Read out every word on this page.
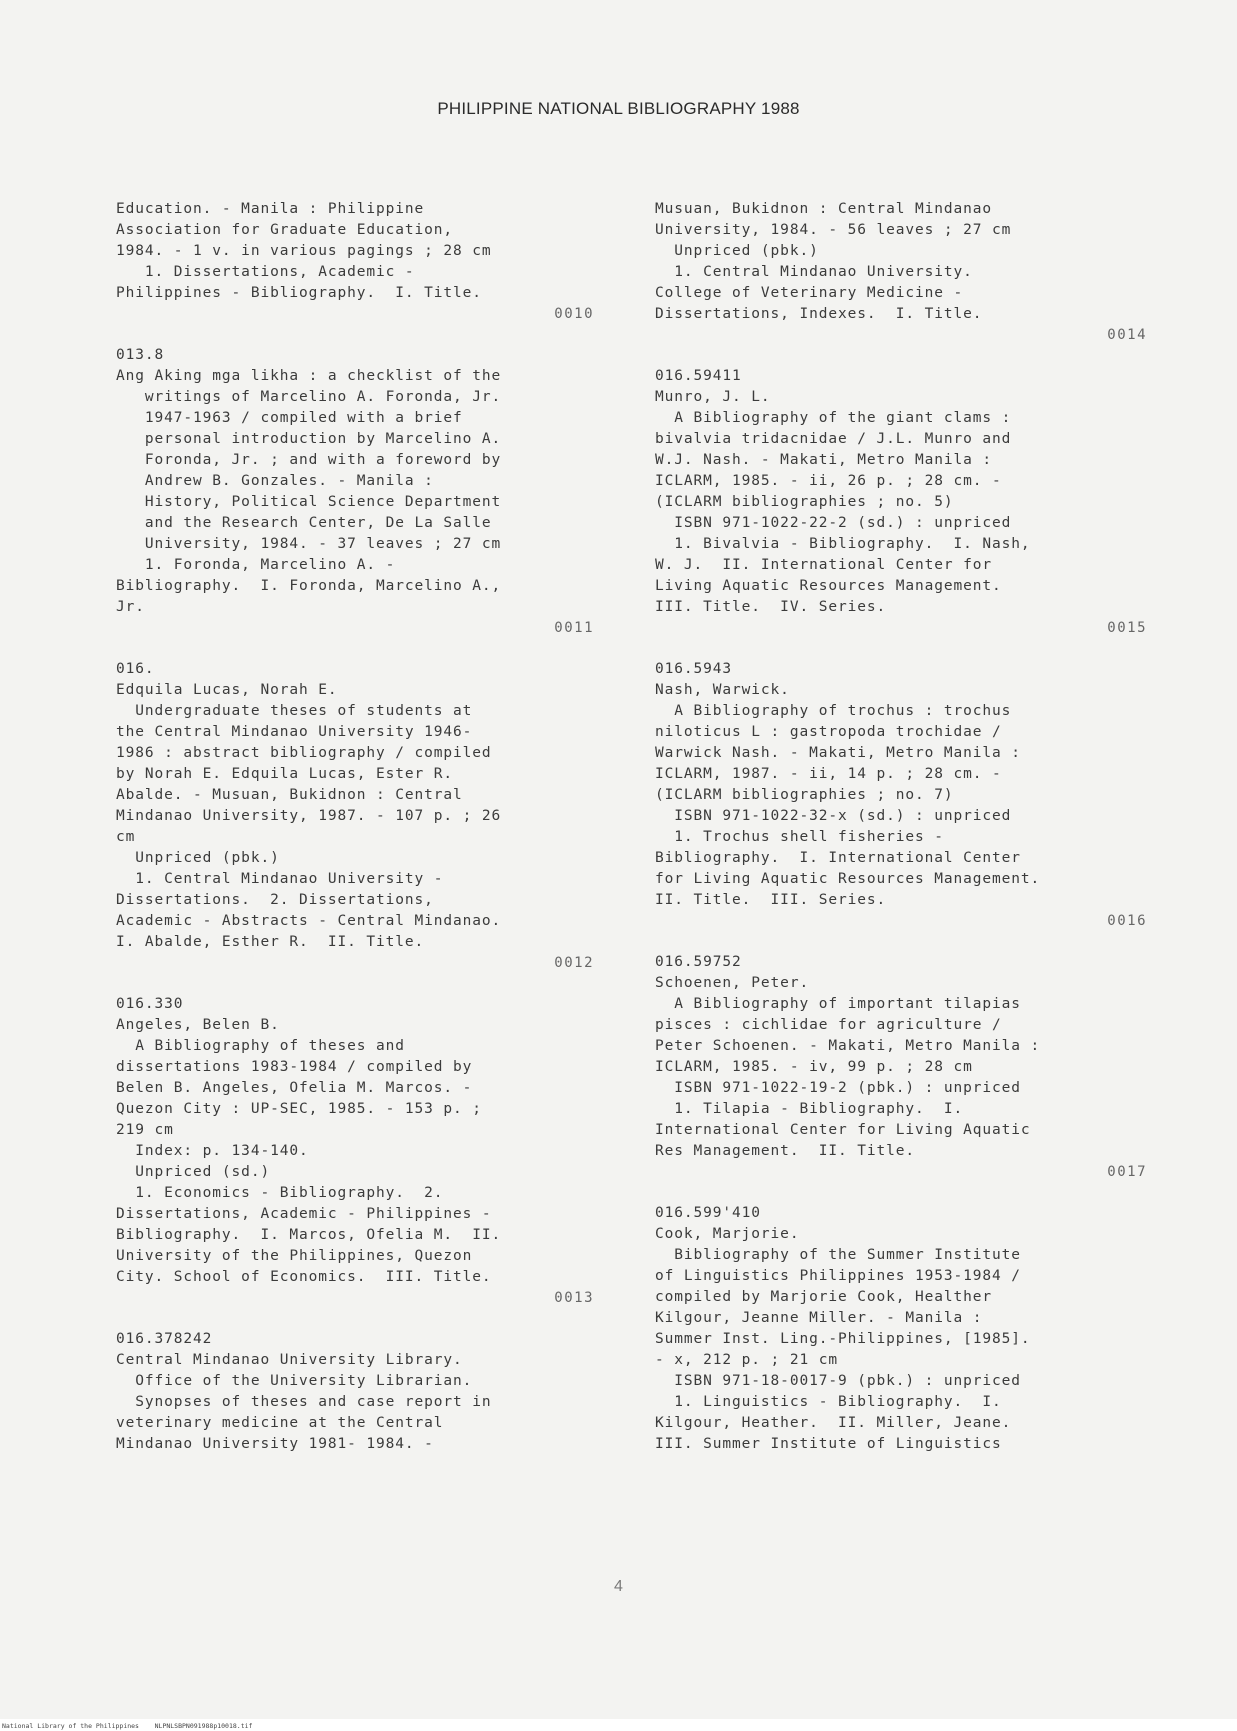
PHILIPPINE NATIONAL BIBLIOGRAPHY 1988
Education. - Manila : Philippine
Association for Graduate Education,
1984. - 1 v. in various pagings ; 28 cm
1. Dissertations, Academic -
Philippines - Bibliography.  I. Title.
0010
013.8
Ang Aking mga likha : a checklist of the
writings of Marcelino A. Foronda, Jr.
1947-1963 / compiled with a brief
personal introduction by Marcelino A.
Foronda, Jr. ; and with a foreword by
Andrew B. Gonzales. - Manila :
History, Political Science Department
and the Research Center, De La Salle
University, 1984. - 37 leaves ; 27 cm
1. Foronda, Marcelino A. -
Bibliography.  I. Foronda, Marcelino A.,
Jr.
0011
016.
Edquila Lucas, Norah E.
Undergraduate theses of students at
the Central Mindanao University 1946-
1986 : abstract bibliography / compiled
by Norah E. Edquila Lucas, Ester R.
Abalde. - Musuan, Bukidnon : Central
Mindanao University, 1987. - 107 p. ; 26
cm
Unpriced (pbk.)
1. Central Mindanao University -
Dissertations.  2. Dissertations,
Academic - Abstracts - Central Mindanao.
I. Abalde, Esther R.  II. Title.
0012
016.330
Angeles, Belen B.
A Bibliography of theses and
dissertations 1983-1984 / compiled by
Belen B. Angeles, Ofelia M. Marcos. -
Quezon City : UP-SEC, 1985. - 153 p. ;
219 cm
Index: p. 134-140.
Unpriced (sd.)
1. Economics - Bibliography.  2.
Dissertations, Academic - Philippines -
Bibliography.  I. Marcos, Ofelia M.  II.
University of the Philippines, Quezon
City. School of Economics.  III. Title.
0013
016.378242
Central Mindanao University Library.
Office of the University Librarian.
Synopses of theses and case report in
veterinary medicine at the Central
Mindanao University 1981- 1984. -
Musuan, Bukidnon : Central Mindanao
University, 1984. - 56 leaves ; 27 cm
Unpriced (pbk.)
1. Central Mindanao University.
College of Veterinary Medicine -
Dissertations, Indexes.  I. Title.
0014
016.59411
Munro, J. L.
A Bibliography of the giant clams :
bivalvia tridacnidae / J.L. Munro and
W.J. Nash. - Makati, Metro Manila :
ICLARM, 1985. - ii, 26 p. ; 28 cm. -
(ICLARM bibliographies ; no. 5)
ISBN 971-1022-22-2 (sd.) : unpriced
1. Bivalvia - Bibliography.  I. Nash,
W. J.  II. International Center for
Living Aquatic Resources Management.
III. Title.  IV. Series.
0015
016.5943
Nash, Warwick.
A Bibliography of trochus : trochus
niloticus L : gastropoda trochidae /
Warwick Nash. - Makati, Metro Manila :
ICLARM, 1987. - ii, 14 p. ; 28 cm. -
(ICLARM bibliographies ; no. 7)
ISBN 971-1022-32-x (sd.) : unpriced
1. Trochus shell fisheries -
Bibliography.  I. International Center
for Living Aquatic Resources Management.
II. Title.  III. Series.
0016
016.59752
Schoenen, Peter.
A Bibliography of important tilapias
pisces : cichlidae for agriculture /
Peter Schoenen. - Makati, Metro Manila :
ICLARM, 1985. - iv, 99 p. ; 28 cm
ISBN 971-1022-19-2 (pbk.) : unpriced
1. Tilapia - Bibliography.  I.
International Center for Living Aquatic
Res Management.  II. Title.
0017
016.599'410
Cook, Marjorie.
Bibliography of the Summer Institute
of Linguistics Philippines 1953-1984 /
compiled by Marjorie Cook, Healther
Kilgour, Jeanne Miller. - Manila :
Summer Inst. Ling.-Philippines, [1985].
- x, 212 p. ; 21 cm
ISBN 971-18-0017-9 (pbk.) : unpriced
1. Linguistics - Bibliography.  I.
Kilgour, Heather.  II. Miller, Jeane.
III. Summer Institute of Linguistics
4
National Library of the Philippines    NLPNLSBPN091988p10018.tif
